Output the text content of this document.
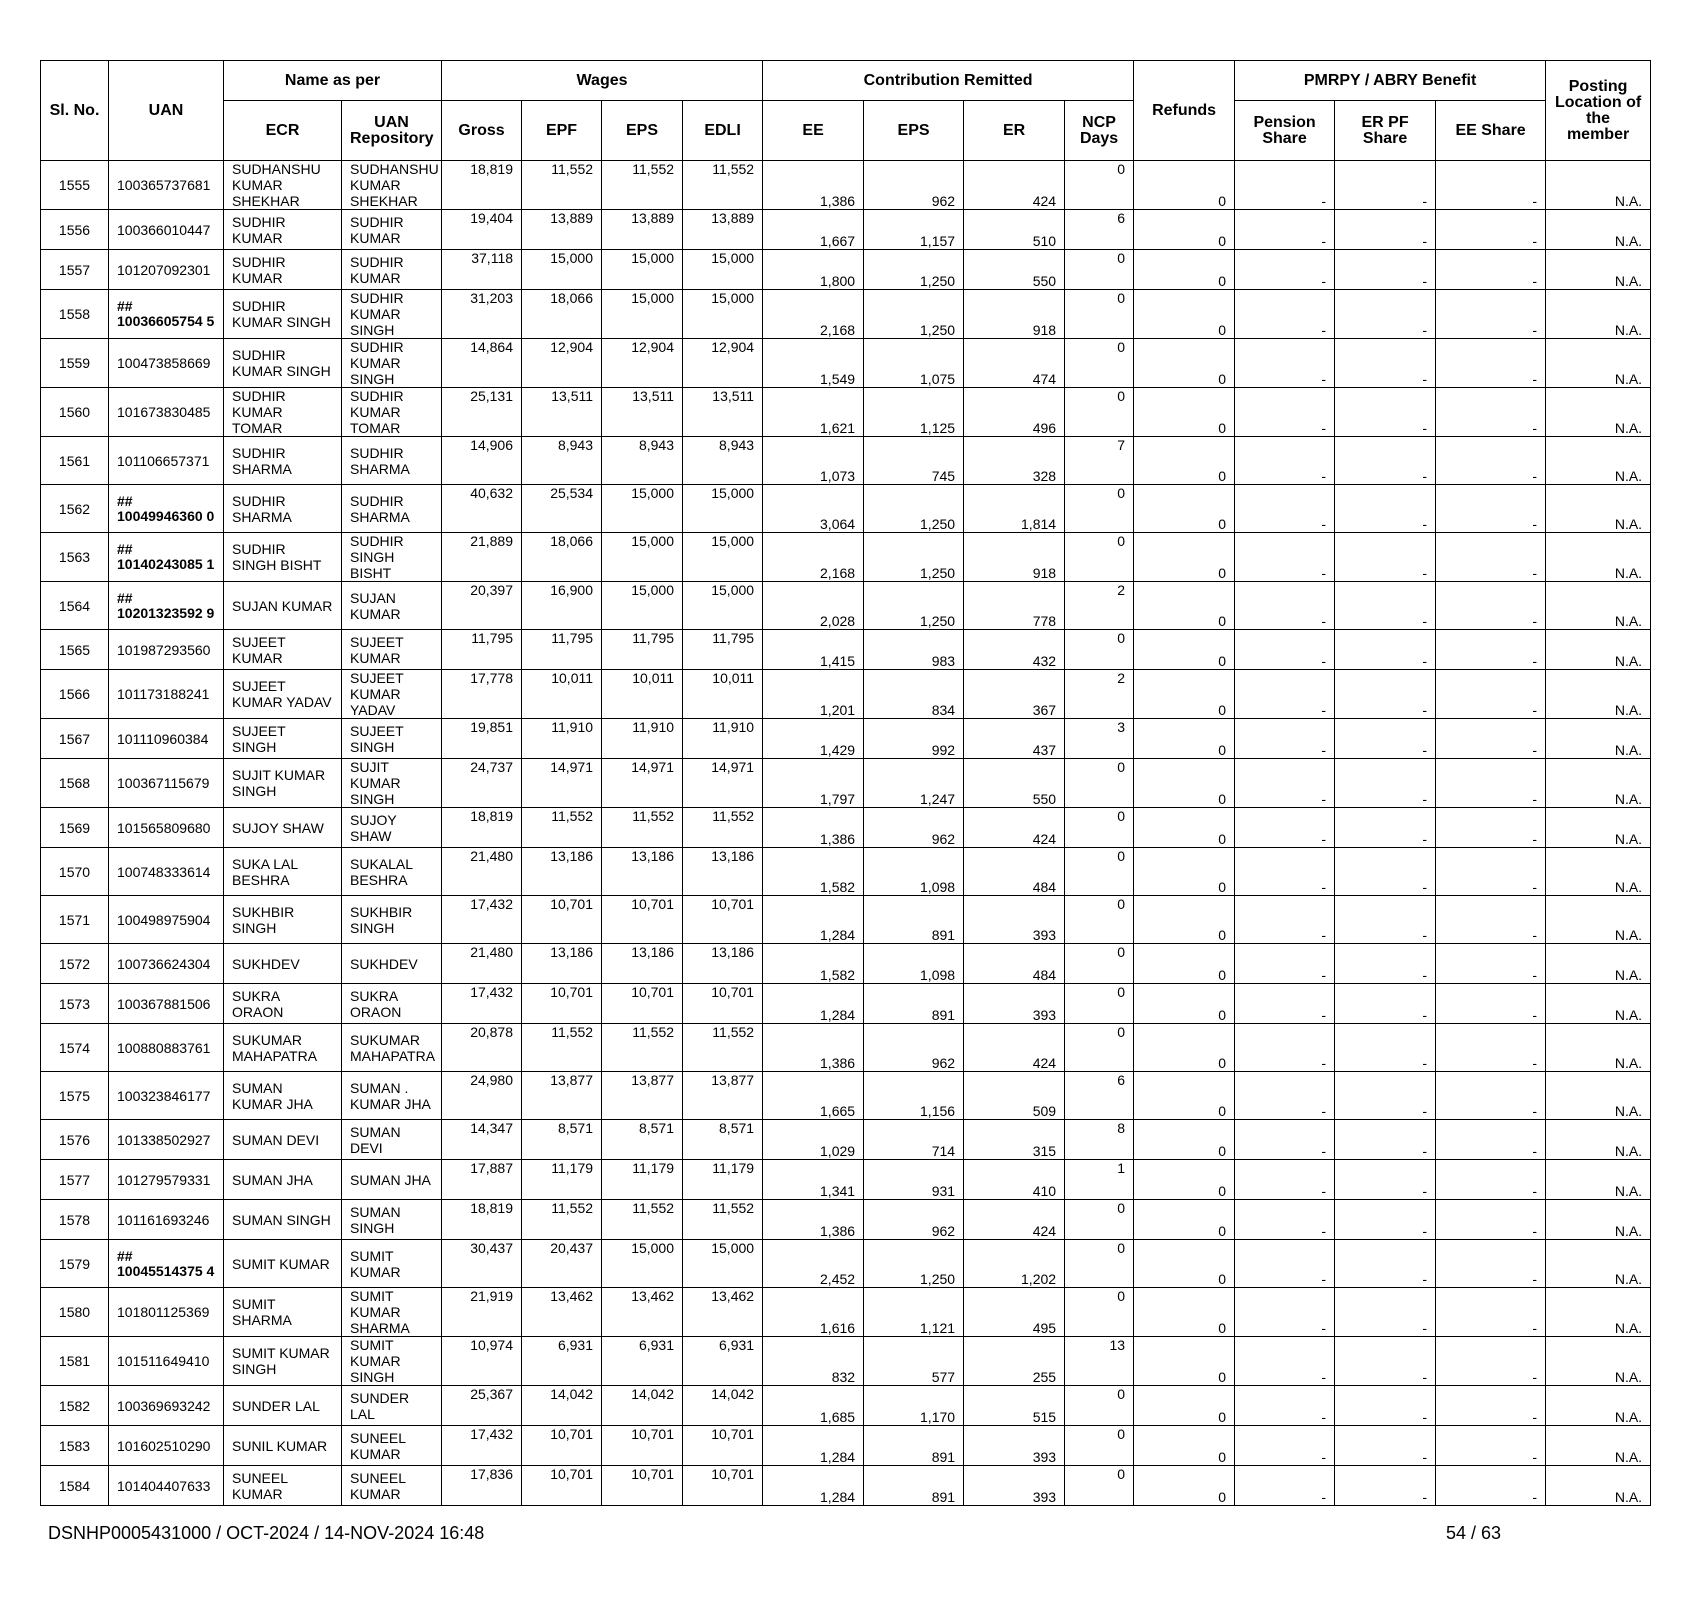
Sl. No.	UAN	Name as per		Wages				Contribution Remitted				Refunds	PMRPY / ABRY Benefit			Posting Location of the member
		ECR	UAN Repository	Gross	EPF	EPS	EDLI	EE	EPS	ER	NCP Days		Pension Share	ER PF Share	EE Share	
1555	100365737681	SUDHANSHU KUMAR SHEKHAR	SUDHANSHU KUMAR SHEKHAR	18,819	11,552	11,552	11,552	1,386	962	424	0	0	-	-	-	N.A.
1556	100366010447	SUDHIR KUMAR	SUDHIR KUMAR	19,404	13,889	13,889	13,889	1,667	1,157	510	6	0	-	-	-	N.A.
1557	101207092301	SUDHIR KUMAR	SUDHIR KUMAR	37,118	15,000	15,000	15,000	1,800	1,250	550	0	0	-	-	-	N.A.
1558	## 10036605754 5	SUDHIR KUMAR SINGH	SUDHIR KUMAR SINGH	31,203	18,066	15,000	15,000	2,168	1,250	918	0	0	-	-	-	N.A.
1559	100473858669	SUDHIR KUMAR SINGH	SUDHIR KUMAR SINGH	14,864	12,904	12,904	12,904	1,549	1,075	474	0	0	-	-	-	N.A.
1560	101673830485	SUDHIR KUMAR TOMAR	SUDHIR KUMAR TOMAR	25,131	13,511	13,511	13,511	1,621	1,125	496	0	0	-	-	-	N.A.
1561	101106657371	SUDHIR SHARMA	SUDHIR SHARMA	14,906	8,943	8,943	8,943	1,073	745	328	7	0	-	-	-	N.A.
1562	## 10049946360 0	SUDHIR SHARMA	SUDHIR SHARMA	40,632	25,534	15,000	15,000	3,064	1,250	1,814	0	0	-	-	-	N.A.
1563	## 10140243085 1	SUDHIR SINGH BISHT	SUDHIR SINGH BISHT	21,889	18,066	15,000	15,000	2,168	1,250	918	0	0	-	-	-	N.A.
1564	## 10201323592 9	SUJAN KUMAR	SUJAN KUMAR	20,397	16,900	15,000	15,000	2,028	1,250	778	2	0	-	-	-	N.A.
1565	101987293560	SUJEET KUMAR	SUJEET KUMAR	11,795	11,795	11,795	11,795	1,415	983	432	0	0	-	-	-	N.A.
1566	101173188241	SUJEET KUMAR YADAV	SUJEET KUMAR YADAV	17,778	10,011	10,011	10,011	1,201	834	367	2	0	-	-	-	N.A.
1567	101110960384	SUJEET SINGH	SUJEET SINGH	19,851	11,910	11,910	11,910	1,429	992	437	3	0	-	-	-	N.A.
1568	100367115679	SUJIT KUMAR SINGH	SUJIT KUMAR SINGH	24,737	14,971	14,971	14,971	1,797	1,247	550	0	0	-	-	-	N.A.
1569	101565809680	SUJOY SHAW	SUJOY SHAW	18,819	11,552	11,552	11,552	1,386	962	424	0	0	-	-	-	N.A.
1570	100748333614	SUKA LAL BESHRA	SUKALAL BESHRA	21,480	13,186	13,186	13,186	1,582	1,098	484	0	0	-	-	-	N.A.
1571	100498975904	SUKHBIR SINGH	SUKHBIR SINGH	17,432	10,701	10,701	10,701	1,284	891	393	0	0	-	-	-	N.A.
1572	100736624304	SUKHDEV	SUKHDEV	21,480	13,186	13,186	13,186	1,582	1,098	484	0	0	-	-	-	N.A.
1573	100367881506	SUKRA ORAON	SUKRA ORAON	17,432	10,701	10,701	10,701	1,284	891	393	0	0	-	-	-	N.A.
1574	100880883761	SUKUMAR MAHAPATRA	SUKUMAR MAHAPATRA	20,878	11,552	11,552	11,552	1,386	962	424	0	0	-	-	-	N.A.
1575	100323846177	SUMAN KUMAR JHA	SUMAN . KUMAR JHA	24,980	13,877	13,877	13,877	1,665	1,156	509	6	0	-	-	-	N.A.
1576	101338502927	SUMAN DEVI	SUMAN DEVI	14,347	8,571	8,571	8,571	1,029	714	315	8	0	-	-	-	N.A.
1577	101279579331	SUMAN JHA	SUMAN JHA	17,887	11,179	11,179	11,179	1,341	931	410	1	0	-	-	-	N.A.
1578	101161693246	SUMAN SINGH	SUMAN SINGH	18,819	11,552	11,552	11,552	1,386	962	424	0	0	-	-	-	N.A.
1579	## 10045514375 4	SUMIT KUMAR	SUMIT KUMAR	30,437	20,437	15,000	15,000	2,452	1,250	1,202	0	0	-	-	-	N.A.
1580	101801125369	SUMIT SHARMA	SUMIT KUMAR SHARMA	21,919	13,462	13,462	13,462	1,616	1,121	495	0	0	-	-	-	N.A.
1581	101511649410	SUMIT KUMAR SINGH	SUMIT KUMAR SINGH	10,974	6,931	6,931	6,931	832	577	255	13	0	-	-	-	N.A.
1582	100369693242	SUNDER LAL	SUNDER LAL	25,367	14,042	14,042	14,042	1,685	1,170	515	0	0	-	-	-	N.A.
1583	101602510290	SUNIL KUMAR	SUNEEL KUMAR	17,432	10,701	10,701	10,701	1,284	891	393	0	0	-	-	-	N.A.
1584	101404407633	SUNEEL KUMAR	SUNEEL KUMAR	17,836	10,701	10,701	10,701	1,284	891	393	0	0	-	-	-	N.A.
DSNHP0005431000 / OCT-2024 / 14-NOV-2024 16:48	54 / 63
